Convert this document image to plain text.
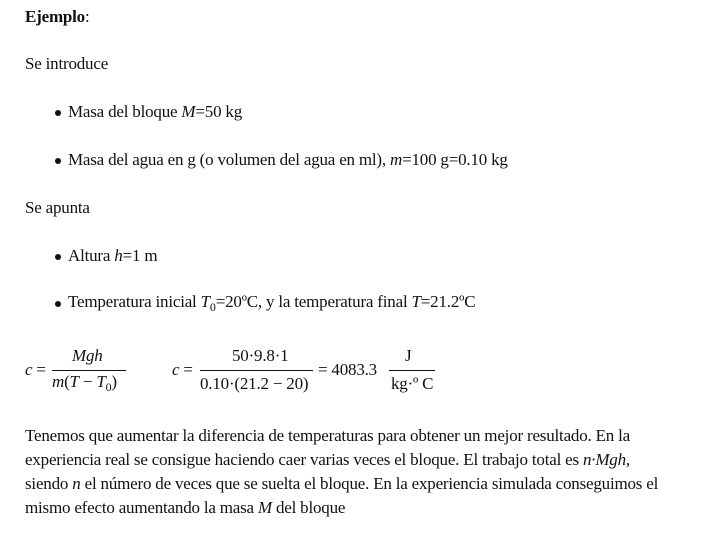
Ejemplo:
Se introduce
Masa del bloque M=50 kg
Masa del agua en g (o volumen del agua en ml), m=100 g=0.10 kg
Se apunta
Altura h=1 m
Temperatura inicial $T_0=20ºC$, y la temperatura final T=21.2ºC
c =
Mgh
$m(T - T_0)$
c =
50·9.8·1
0.10·(21.2 − 20)
= 4083.3
J
kg·º C
Tenemos que aumentar la diferencia de temperaturas para obtener un mejor resultado. En la experiencia real se consigue haciendo caer varias veces el bloque. El trabajo total es n·Mgh, siendo n el número de veces que se suelta el bloque. En la experiencia simulada conseguimos el mismo efecto aumentando la masa M del bloque
